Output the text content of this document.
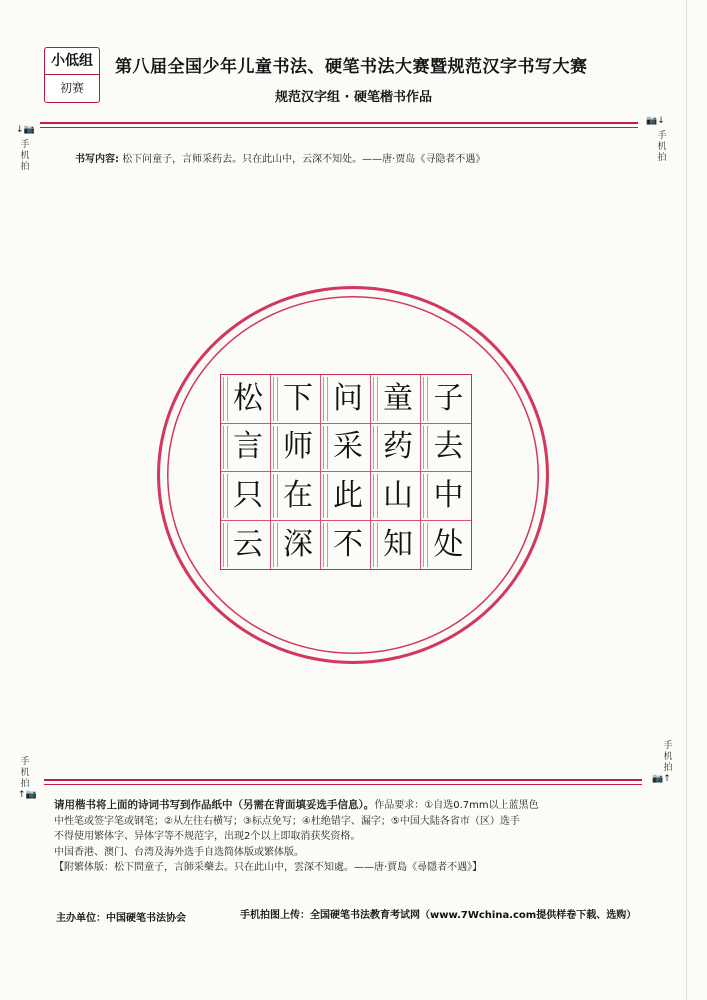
小低组
初赛
第八届全国少年儿童书法、硬笔书法大赛暨规范汉字书写大赛
规范汉字组 · 硬笔楷书作品
↓📷
手机拍
📷↓
手机拍
书写内容: 松下问童子，言师采药去。只在此山中，云深不知处。——唐·贾岛《寻隐者不遇》
松 下 问 童 子
言 师 采 药 去
只 在 此 山 中
云 深 不 知 处
手机拍
↑📷
手机拍
📷↑

请用楷书将上面的诗词书写到作品纸中（另需在背面填妥选手信息）。作品要求：①自选0.7mm以上蓝黑色

中性笔或签字笔或钢笔；②从左往右横写；③标点免写；④杜绝错字、漏字；⑤中国大陆各省市（区）选手

不得使用繁体字、异体字等不规范字，出现2个以上即取消获奖资格。

中国香港、澳门、台湾及海外选手自选简体版或繁体版。

【附繁体版：松下問童子，言師采藥去。只在此山中，雲深不知處。——唐·賈島《尋隱者不遇》】

主办单位：中国硬笔书法协会	手机拍图上传：全国硬笔书法教育考试网（www.7Wchina.com提供样卷下载、选购）
